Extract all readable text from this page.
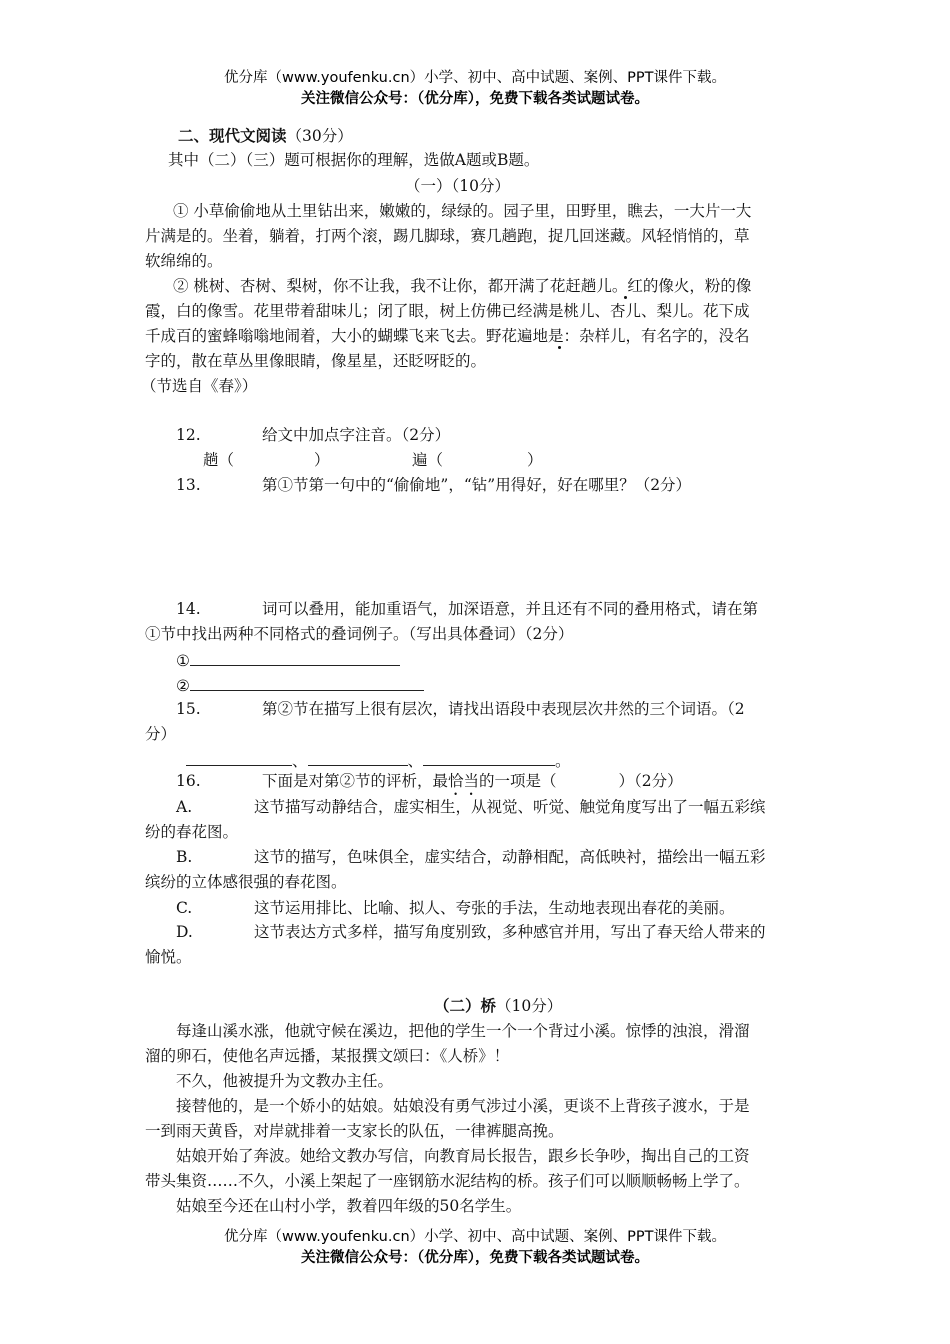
优分库（www.youfenku.cn）小学、初中、高中试题、案例、PPT课件下载。
关注微信公众号：（优分库），免费下载各类试题试卷。
二、现代文阅读（30分）
其中（二）（三）题可根据你的理解，选做A题或B题。
（一）（10分）
① 小草偷偷地从土里钻出来，嫩嫩的，绿绿的。园子里，田野里，瞧去，一大片一大
片满是的。坐着，躺着，打两个滚，踢几脚球，赛几趟跑，捉几回迷藏。风轻悄悄的，草
软绵绵的。
② 桃树、杏树、梨树，你不让我，我不让你，都开满了花赶趟儿。红的像火，粉的像
霞，白的像雪。花里带着甜味儿；闭了眼，树上仿佛已经满是桃儿、杏儿、梨儿。花下成
千成百的蜜蜂嗡嗡地闹着，大小的蝴蝶飞来飞去。野花遍地是：杂样儿，有名字的，没名
字的，散在草丛里像眼睛，像星星，还眨呀眨的。
（节选自《春》）
12.	给文中加点字注音。（2分）
趟（	）	遍（	）
13.	第①节第一句中的“偷偷地”，“钻”用得好，好在哪里？（2分）
14.	词可以叠用，能加重语气，加深语意，并且还有不同的叠用格式，请在第
①节中找出两种不同格式的叠词例子。（写出具体叠词）（2分）
①
②
15.	第②节在描写上很有层次，请找出语段中表现层次井然的三个词语。（2
分）
、	、	。
16.	下面是对第②节的评析，最恰当的一项是（	）（2分）
A.	这节描写动静结合，虚实相生，从视觉、听觉、触觉角度写出了一幅五彩缤
纷的春花图。
B.	这节的描写，色味俱全，虚实结合，动静相配，高低映衬，描绘出一幅五彩
缤纷的立体感很强的春花图。
C.	这节运用排比、比喻、拟人、夸张的手法，生动地表现出春花的美丽。
D.	这节表达方式多样，描写角度别致，多种感官并用，写出了春天给人带来的
愉悦。
（二）桥（10分）
每逢山溪水涨，他就守候在溪边，把他的学生一个一个背过小溪。惊悸的浊浪，滑溜
溜的卵石，使他名声远播，某报撰文颂曰：《人桥》！
不久，他被提升为文教办主任。
接替他的，是一个娇小的姑娘。姑娘没有勇气涉过小溪，更谈不上背孩子渡水，于是
一到雨天黄昏，对岸就排着一支家长的队伍，一律裤腿高挽。
姑娘开始了奔波。她给文教办写信，向教育局长报告，跟乡长争吵，掏出自己的工资
带头集资……不久，小溪上架起了一座钢筋水泥结构的桥。孩子们可以顺顺畅畅上学了。
姑娘至今还在山村小学，教着四年级的50名学生。
优分库（www.youfenku.cn）小学、初中、高中试题、案例、PPT课件下载。
关注微信公众号：（优分库），免费下载各类试题试卷。
